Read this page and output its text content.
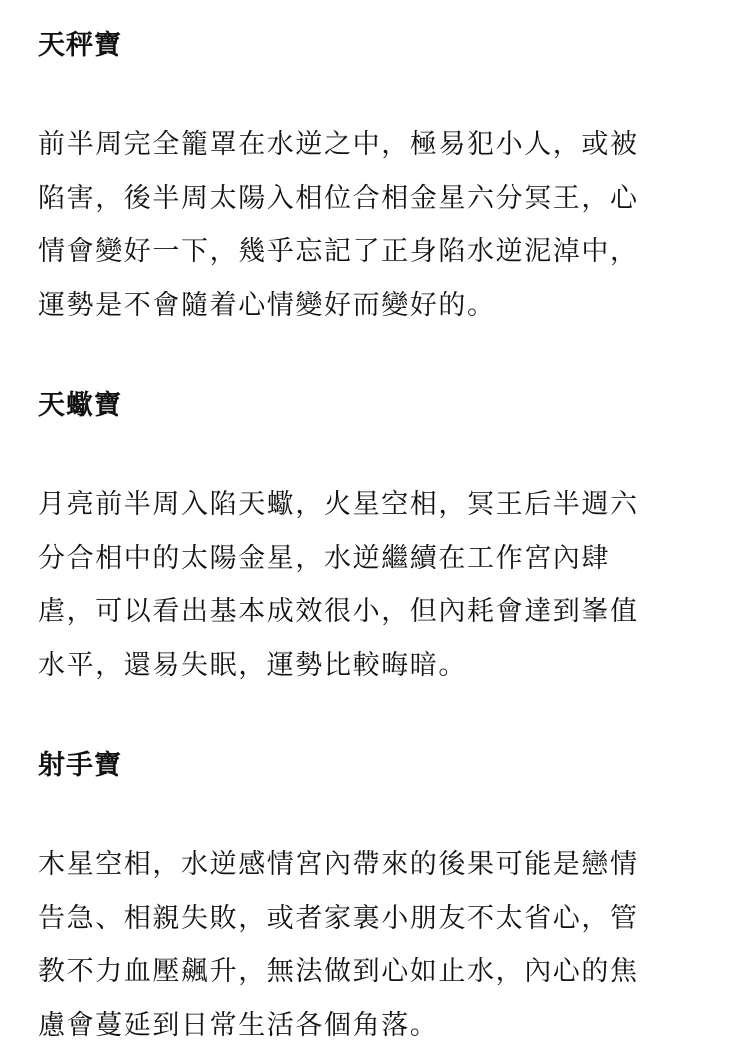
天秤寶

前半周完全籠罩在水逆之中，極易犯小人，或被
陷害，後半周太陽入相位合相金星六分冥王，心
情會變好一下，幾乎忘記了正身陷水逆泥淖中，
運勢是不會隨着心情變好而變好的。

天蠍寶

月亮前半周入陷天蠍，火星空相，冥王后半週六
分合相中的太陽金星，水逆繼續在工作宮內肆
虐，可以看出基本成效很小，但內耗會達到峯值
水平，還易失眠，運勢比較晦暗。

射手寶

木星空相，水逆感情宮內帶來的後果可能是戀情
告急、相親失敗，或者家裏小朋友不太省心，管
教不力血壓飆升，無法做到心如止水，內心的焦
慮會蔓延到日常生活各個角落。
